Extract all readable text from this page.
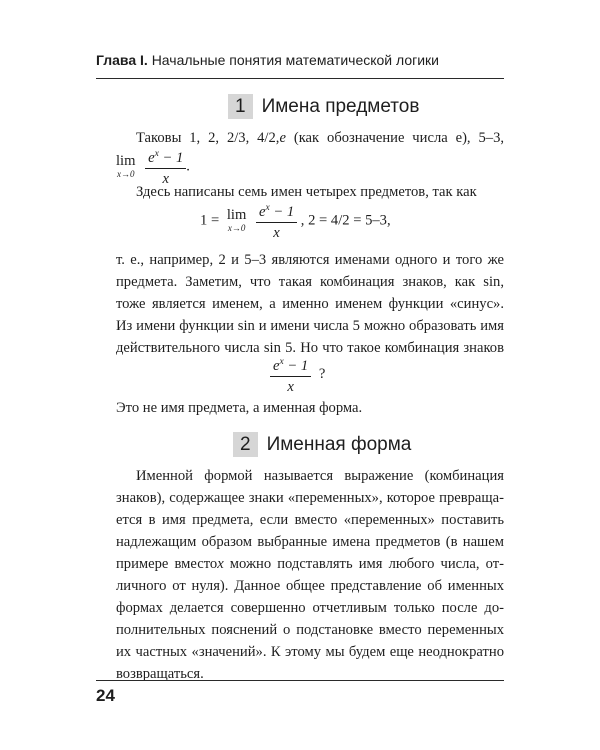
Глава I. Начальные понятия математической логики
1 Имена предметов
Таковы 1, 2, 2/3, 4/2,e (как обозначение числа e), 5–3,
lim
x→0
$\frac{e^x - 1}{x}$ .
Здесь написаны семь имен четырех предметов, так как
1 = lim
x→0
$\frac{e^x - 1}{x}$ , 2 = 4/2 = 5–3,
т. е., например, 2 и 5–3 являются именами одного и того же
предмета. Заметим, что такая комбинация знаков, как sin,
тоже является именем, а именно именем функции «синус».
Из имени функции sin и имени числа 5 можно образовать имя
действительного числа sin 5. Но что такое комбинация знаков
$\frac{e^x - 1}{x}$ ?
Это не имя предмета, а именная форма.
2 Именная форма
Именной формой называется выражение (комбинация
знаков), содержащее знаки «переменных», которое превраща-
ется в имя предмета, если вместо «переменных» поставить
надлежащим образом выбранные имена предметов (в нашем
примере вместоx можно подставлять имя любого числа, от-
личного от нуля). Данное общее представление об именных
формах делается совершенно отчетливым только после до-
полнительных пояснений о подстановке вместо переменных
их частных «значений». К этому мы будем еще неоднократно
возвращаться.
24
